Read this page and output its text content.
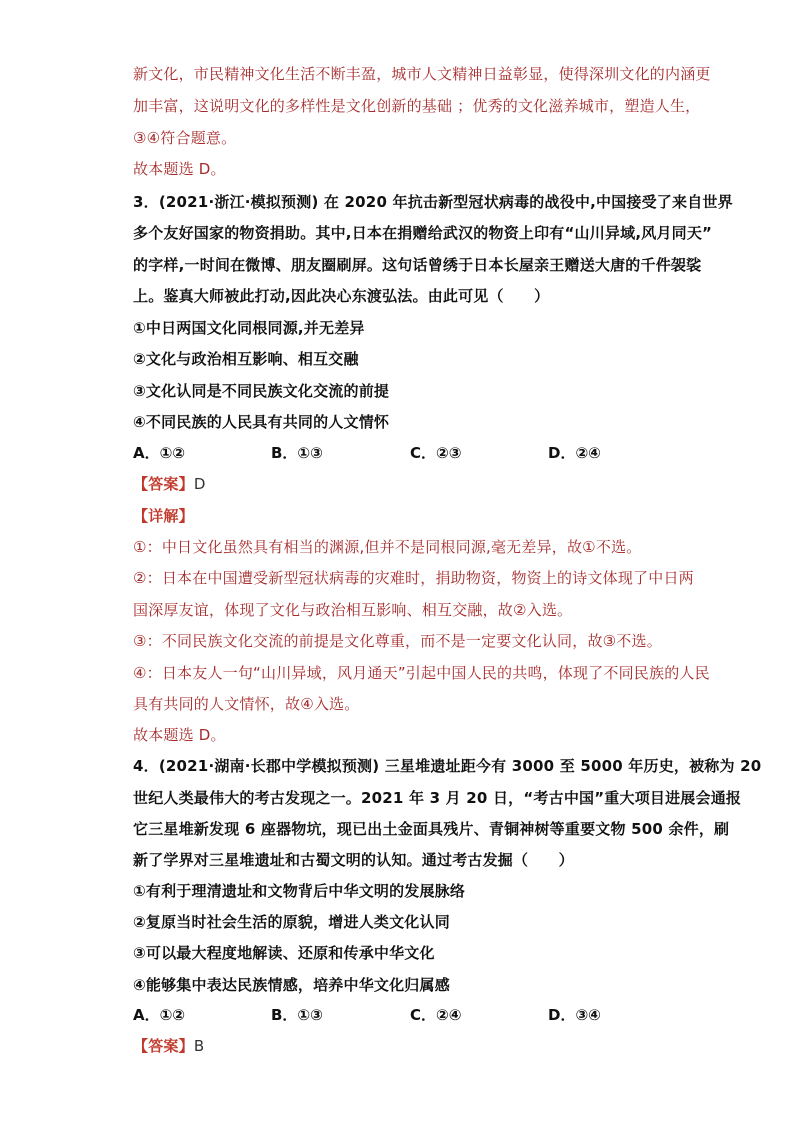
新文化，市民精神文化生活不断丰盈，城市人文精神日益彰显，使得深圳文化的内涵更
加丰富，这说明文化的多样性是文化创新的基础 ；优秀的文化滋养城市，塑造人生，
③④符合题意。
故本题选 D。
3．(2021·浙江·模拟预测) 在 2020 年抗击新型冠状病毒的战役中,中国接受了来自世界
多个友好国家的物资捐助。其中,日本在捐赠给武汉的物资上印有“山川异域,风月同天”
的字样,一时间在微博、朋友圈刷屏。这句话曾绣于日本长屋亲王赠送大唐的千件袈裟
上。鉴真大师被此打动,因此决心东渡弘法。由此可见（　　）
①中日两国文化同根同源,并无差异
②文化与政治相互影响、相互交融
③文化认同是不同民族文化交流的前提
④不同民族的人民具有共同的人文情怀
A．①②	B．①③	C．②③	D．②④
【答案】D
【详解】
①：中日文化虽然具有相当的渊源,但并不是同根同源,毫无差异，故①不选。
②：日本在中国遭受新型冠状病毒的灾难时，捐助物资，物资上的诗文体现了中日两
国深厚友谊，体现了文化与政治相互影响、相互交融，故②入选。
③：不同民族文化交流的前提是文化尊重，而不是一定要文化认同，故③不选。
④：日本友人一句“山川异域，风月通天”引起中国人民的共鸣，体现了不同民族的人民
具有共同的人文情怀，故④入选。
故本题选 D。
4．(2021·湖南·长郡中学模拟预测) 三星堆遗址距今有 3000 至 5000 年历史，被称为 20
世纪人类最伟大的考古发现之一。2021 年 3 月 20 日，“考古中国”重大项目进展会通报
它三星堆新发现 6 座器物坑，现已出土金面具残片、青铜神树等重要文物 500 余件，刷
新了学界对三星堆遗址和古蜀文明的认知。通过考古发掘（　　）
①有利于理清遗址和文物背后中华文明的发展脉络
②复原当时社会生活的原貌，增进人类文化认同
③可以最大程度地解读、还原和传承中华文化
④能够集中表达民族情感，培养中华文化归属感
A．①②	B．①③	C．②④	D．③④
【答案】B
